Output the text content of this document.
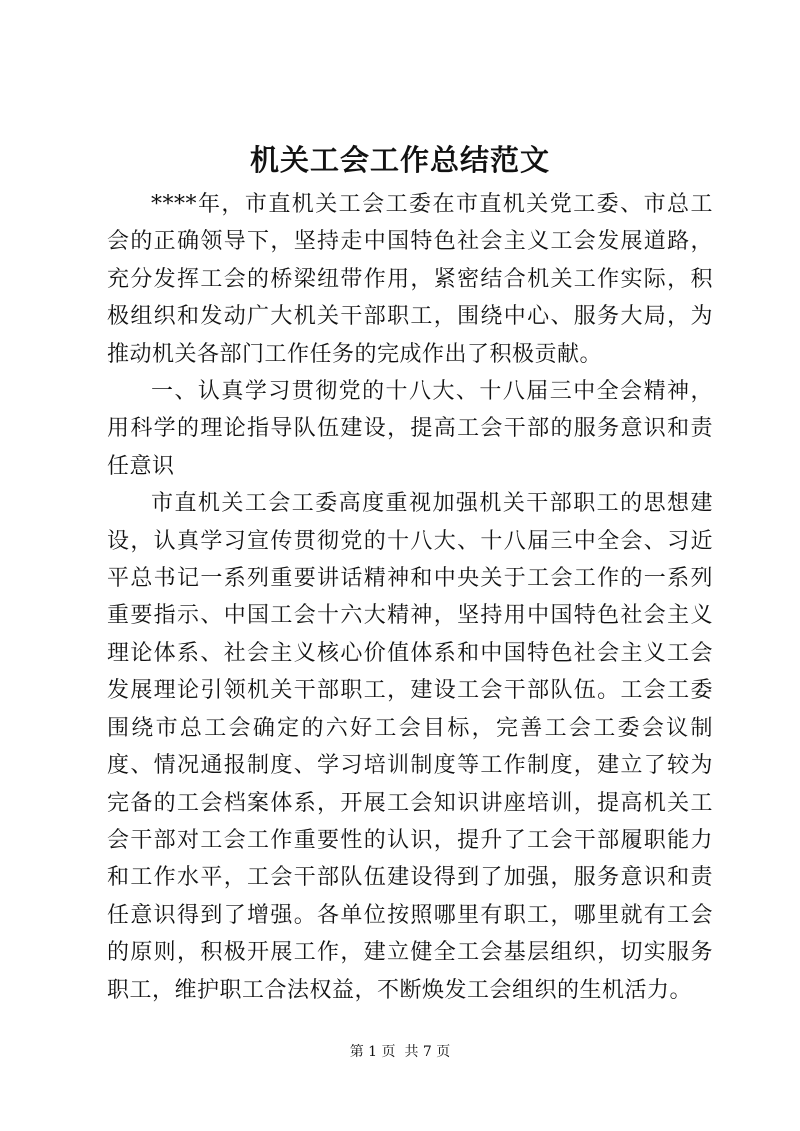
机关工会工作总结范文

****年，市直机关工会工委在市直机关党工委、市总工会的正确领导下，坚持走中国特色社会主义工会发展道路，充分发挥工会的桥梁纽带作用，紧密结合机关工作实际，积极组织和发动广大机关干部职工，围绕中心、服务大局，为推动机关各部门工作任务的完成作出了积极贡献。

一、认真学习贯彻党的十八大、十八届三中全会精神，用科学的理论指导队伍建设，提高工会干部的服务意识和责任意识

市直机关工会工委高度重视加强机关干部职工的思想建设，认真学习宣传贯彻党的十八大、十八届三中全会、习近平总书记一系列重要讲话精神和中央关于工会工作的一系列重要指示、中国工会十六大精神，坚持用中国特色社会主义理论体系、社会主义核心价值体系和中国特色社会主义工会发展理论引领机关干部职工，建设工会干部队伍。工会工委围绕市总工会确定的六好工会目标，完善工会工委会议制度、情况通报制度、学习培训制度等工作制度，建立了较为完备的工会档案体系，开展工会知识讲座培训，提高机关工会干部对工会工作重要性的认识，提升了工会干部履职能力和工作水平，工会干部队伍建设得到了加强，服务意识和责任意识得到了增强。各单位按照哪里有职工，哪里就有工会的原则，积极开展工作，建立健全工会基层组织，切实服务职工，维护职工合法权益，不断焕发工会组织的生机活力。

第 1 页  共 7 页
